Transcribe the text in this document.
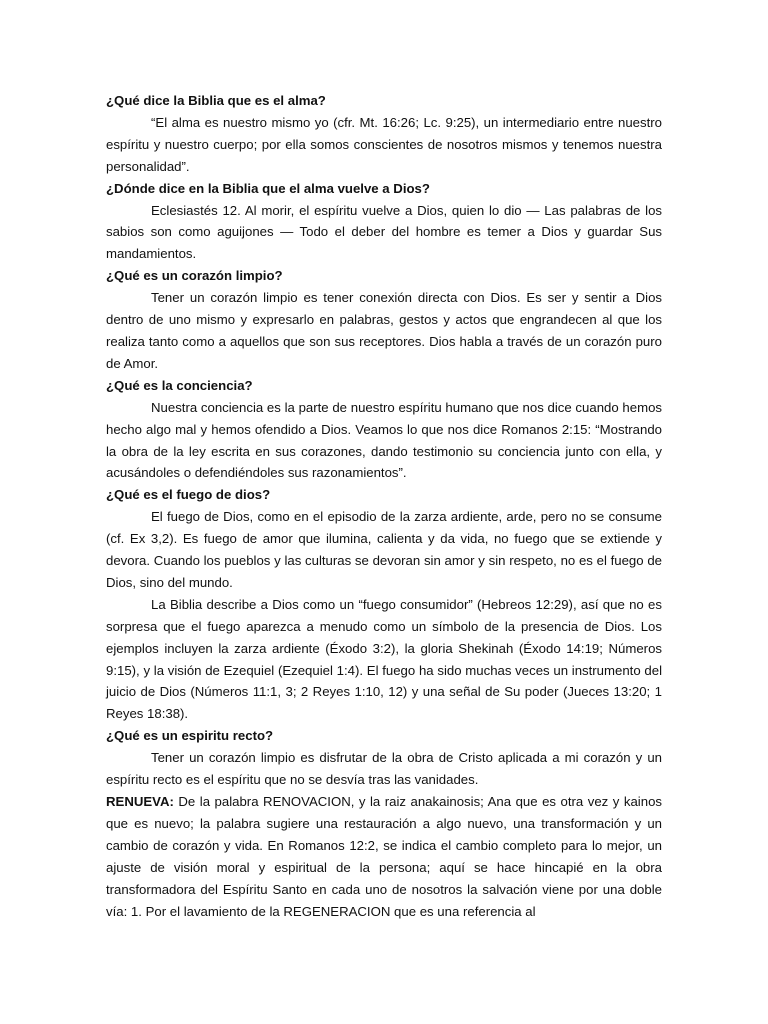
¿Qué dice la Biblia que es el alma?

“El alma es nuestro mismo yo (cfr. Mt. 16:26; Lc. 9:25), un intermediario entre nuestro espíritu y nuestro cuerpo; por ella somos conscientes de nosotros mismos y tenemos nuestra personalidad”.

¿Dónde dice en la Biblia que el alma vuelve a Dios?

Eclesiastés 12. Al morir, el espíritu vuelve a Dios, quien lo dio — Las palabras de los sabios son como aguijones — Todo el deber del hombre es temer a Dios y guardar Sus mandamientos.

¿Qué es un corazón limpio?

Tener un corazón limpio es tener conexión directa con Dios. Es ser y sentir a Dios dentro de uno mismo y expresarlo en palabras, gestos y actos que engrandecen al que los realiza tanto como a aquellos que son sus receptores. Dios habla a través de un corazón puro de Amor.

¿Qué es la conciencia?

Nuestra conciencia es la parte de nuestro espíritu humano que nos dice cuando hemos hecho algo mal y hemos ofendido a Dios. Veamos lo que nos dice Romanos 2:15: “Mostrando la obra de la ley escrita en sus corazones, dando testimonio su conciencia junto con ella, y acusándoles o defendiéndoles sus razonamientos”.

¿Qué es el fuego de dios?

El fuego de Dios, como en el episodio de la zarza ardiente, arde, pero no se consume (cf. Ex 3,2). Es fuego de amor que ilumina, calienta y da vida, no fuego que se extiende y devora. Cuando los pueblos y las culturas se devoran sin amor y sin respeto, no es el fuego de Dios, sino del mundo.

La Biblia describe a Dios como un “fuego consumidor” (Hebreos 12:29), así que no es sorpresa que el fuego aparezca a menudo como un símbolo de la presencia de Dios. Los ejemplos incluyen la zarza ardiente (Éxodo 3:2), la gloria Shekinah (Éxodo 14:19; Números 9:15), y la visión de Ezequiel (Ezequiel 1:4). El fuego ha sido muchas veces un instrumento del juicio de Dios (Números 11:1, 3; 2 Reyes 1:10, 12) y una señal de Su poder (Jueces 13:20; 1 Reyes 18:38).

¿Qué es un espiritu recto?

Tener un corazón limpio es disfrutar de la obra de Cristo aplicada a mi corazón y un espíritu recto es el espíritu que no se desvía tras las vanidades.

RENUEVA: De la palabra RENOVACION, y la raiz anakainosis; Ana que es otra vez y kainos que es nuevo; la palabra sugiere una restauración a algo nuevo, una transformación y un cambio de corazón y vida. En Romanos 12:2, se indica el cambio completo para lo mejor, un ajuste de visión moral y espiritual de la persona; aquí se hace hincapié en la obra transformadora del Espíritu Santo en cada uno de nosotros la salvación viene por una doble vía: 1. Por el lavamiento de la REGENERACION que es una referencia al
